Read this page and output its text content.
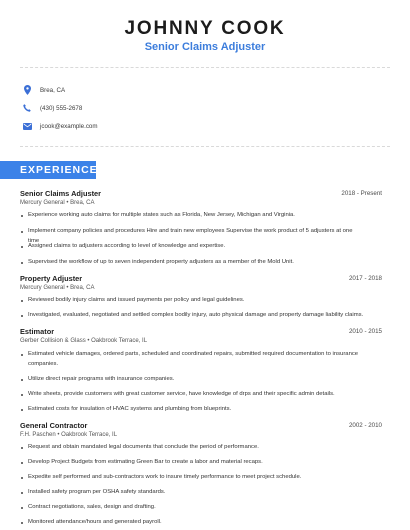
JOHNNY COOK
Senior Claims Adjuster
Brea, CA
(430) 555-2678
jcook@example.com
EXPERIENCE
Senior Claims Adjuster	2018 - Present
Mercury General • Brea, CA
Experience working auto claims for multiple states such as Florida, New Jersey, Michigan and Virginia.
Implement company policies and procedures Hire and train new employees Supervise the work product of 5 adjusters at one time
Assigned claims to adjusters according to level of knowledge and expertise.
Supervised the workflow of up to seven independent property adjusters as a member of the Mold Unit.
Property Adjuster	2017 - 2018
Mercury General • Brea, CA
Reviewed bodily injury claims and issued payments per policy and legal guidelines.
Investigated, evaluated, negotiated and settled complex bodily injury, auto physical damage and property damage liability claims.
Estimator	2010 - 2015
Gerber Collision & Glass • Oakbrook Terrace, IL
Estimated vehicle damages, ordered parts, scheduled and coordinated repairs, submitted required documentation to insurance companies.
Utilize direct repair programs with insurance companies.
Write sheets, provide customers with great customer service, have knowledge of drps and their specific admin details.
Estimated costs for insulation of HVAC systems and plumbing from blueprints.
General Contractor	2002 - 2010
F.H. Paschen • Oakbrook Terrace, IL
Request and obtain mandated legal documents that conclude the period of performance.
Develop Project Budgets from estimating Green Bar to create a labor and material recaps.
Expedite self performed and sub-contractors work to insure timely performance to meet project schedule.
Installed safety program per OSHA safety standards.
Contract negotiations, sales, design and drafting.
Monitored attendance/hours and generated payroll.
